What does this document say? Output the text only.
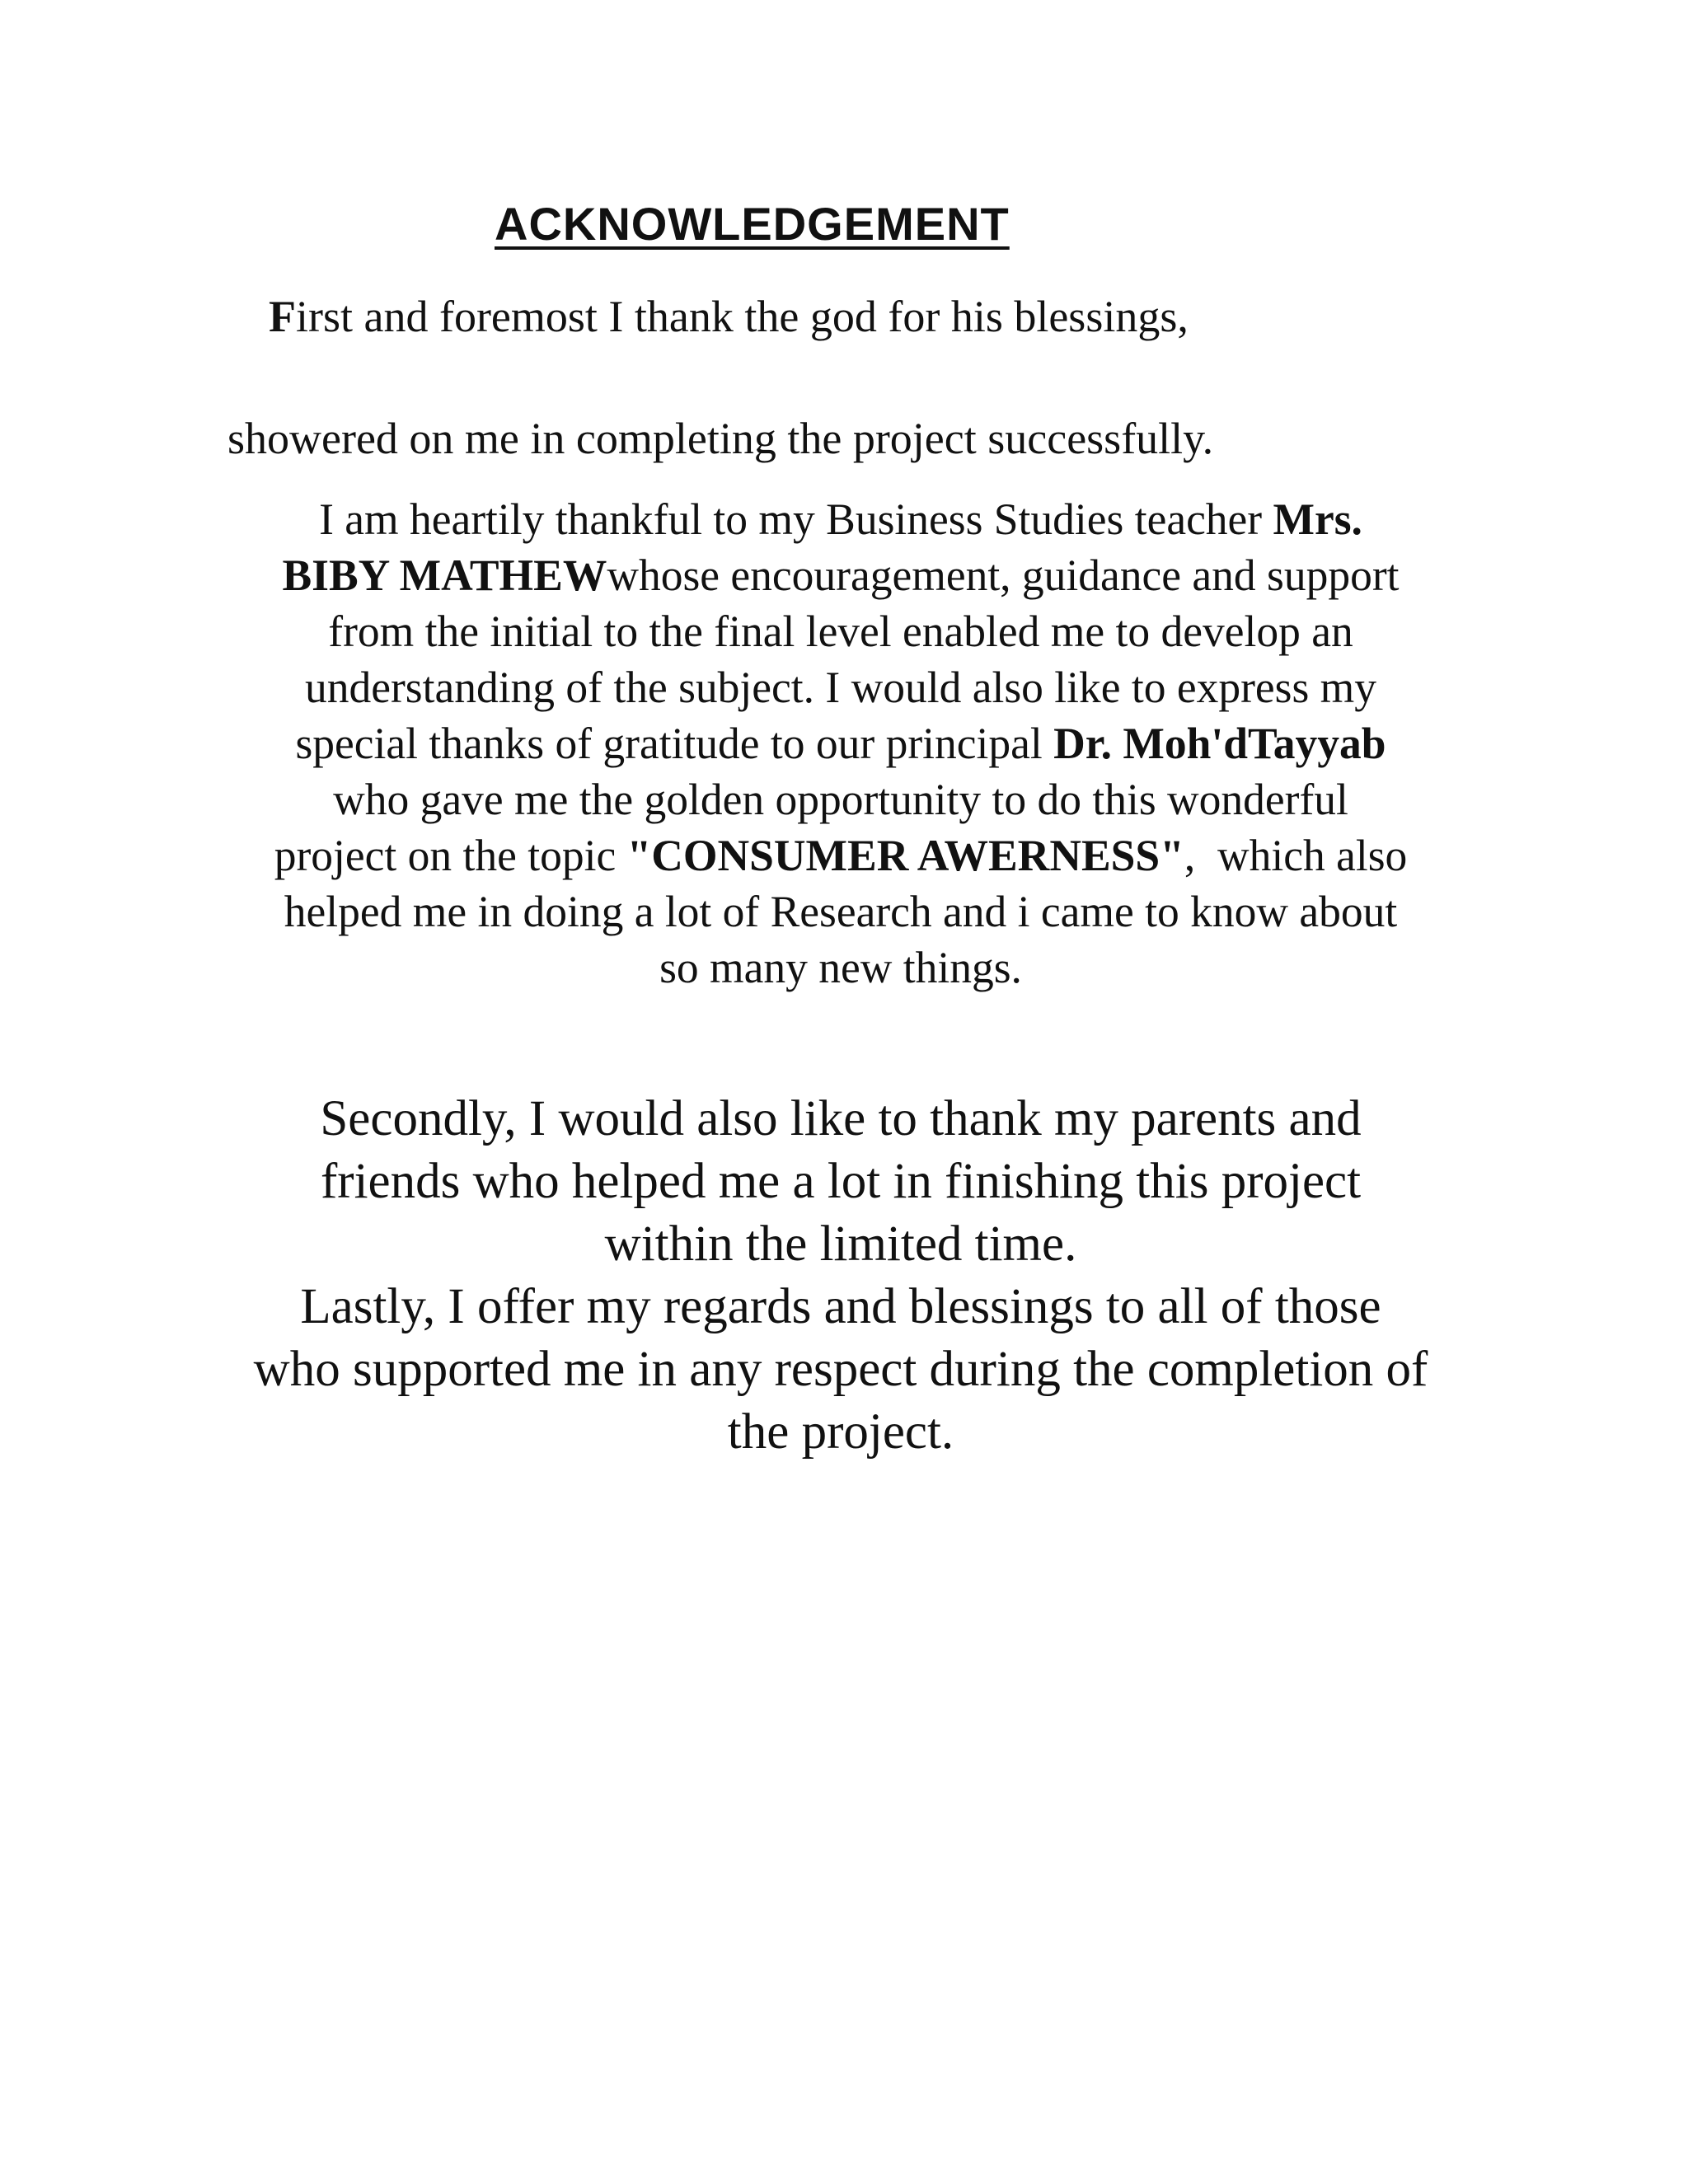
ACKNOWLEDGEMENT

First and foremost I thank the god for his blessings,

showered on me in completing the project successfully.

I am heartily thankful to my Business Studies teacher Mrs.
BIBY MATHEWwhose encouragement, guidance and support
from the initial to the final level enabled me to develop an
understanding of the subject. I would also like to express my
special thanks of gratitude to our principal Dr. Moh'dTayyab
who gave me the golden opportunity to do this wonderful
project on the topic "CONSUMER AWERNESS",  which also
helped me in doing a lot of Research and i came to know about
so many new things.
Secondly, I would also like to thank my parents and
friends who helped me a lot in finishing this project
within the limited time.
Lastly, I offer my regards and blessings to all of those
who supported me in any respect during the completion of
the project.
